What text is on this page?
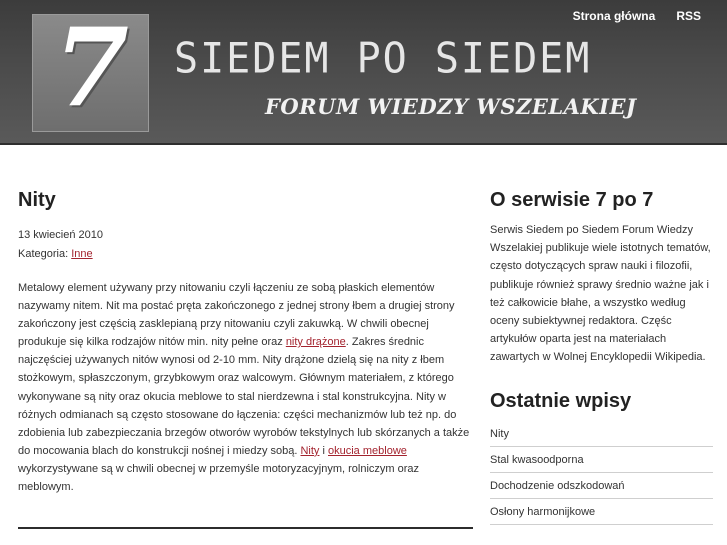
7	SIEDEM PO SIEDEM
FORUM WIEDZY WSZELAKIEJ
Strona główna RSS
Nity
13 kwiecień 2010
Kategoria: Inne

Metalowy element używany przy nitowaniu czyli łączeniu ze sobą płaskich elementów nazywamy nitem. Nit ma postać pręta zakończonego z jednej strony łbem a drugiej strony zakończony jest częścią zasklepianą przy nitowaniu czyli zakuwką. W chwili obecnej produkuje się kilka rodzajów nitów min. nity pełne oraz nity drążone. Zakres średnic najczęściej używanych nitów wynosi od 2-10 mm. Nity drążone dzielą się na nity z łbem stożkowym, spłaszczonym, grzybkowym oraz walcowym. Głównym materiałem, z którego wykonywane są nity oraz okucia meblowe to stal nierdzewna i stal konstrukcyjna. Nity w różnych odmianach są często stosowane do łączenia: części mechanizmów lub też np. do zdobienia lub zabezpieczania brzegów otworów wyrobów tekstylnych lub skórzanych a także do mocowania blach do konstrukcji nośnej i miedzy sobą. Nity i okucia meblowe wykorzystywane są w chwili obecnej w przemyśle motoryzacyjnym, rolniczym oraz meblowym.

O serwisie 7 po 7
Serwis Siedem po Siedem Forum Wiedzy Wszelakiej publikuje wiele istotnych tematów, często dotyczących spraw nauki i filozofii, publikuje również sprawy średnio ważne jak i też całkowicie błahe, a wszystko według oceny subiektywnej redaktora. Częśc artykułów oparta jest na materiałach zawartych w Wolnej Encyklopedii Wikipedia.
Ostatnie wpisy
Nity
Stal kwasoodporna
Dochodzenie odszkodowań
Osłony harmonijkowe
